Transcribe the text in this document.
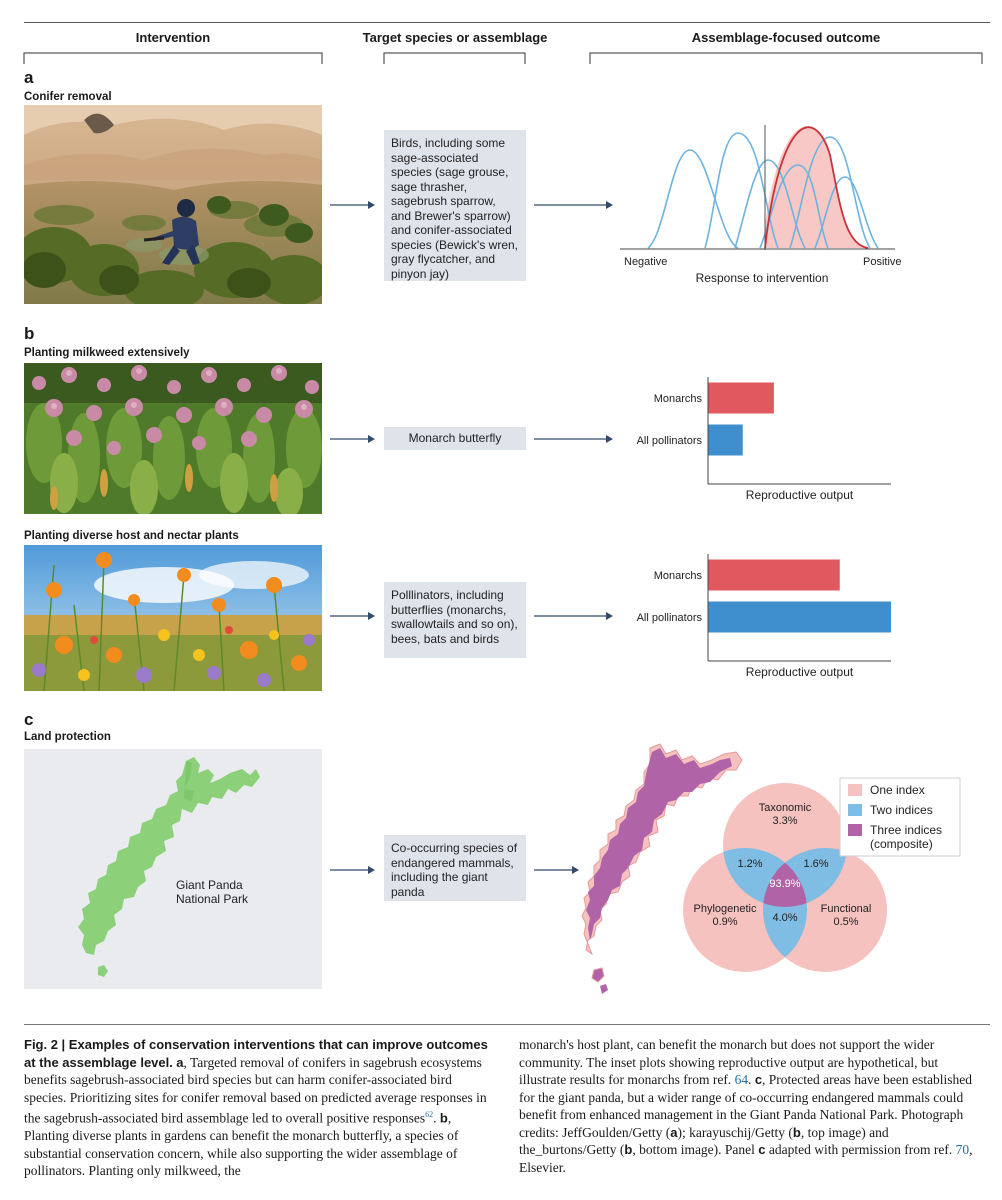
Intervention	Target species or assemblage	Assemblage-focused outcome
a
Conifer removal
Birds, including some sage-associated species (sage grouse, sage thrasher, sagebrush sparrow, and Brewer's sparrow) and conifer-associated species (Bewick's wren, gray flycatcher, and pinyon jay)
Negative	Positive
Response to intervention
b
Planting milkweed extensively
Monarch butterfly
Monarchs
All pollinators
Reproductive output
Planting diverse host and nectar plants
Polllinators, including butterflies (monarchs, swallowtails and so on), bees, bats and birds
Monarchs
All pollinators
Reproductive output
c
Land protection
Giant Panda
National Park
Co-occurring species of endangered mammals, including the giant panda
Taxonomic
3.3%
Phylogenetic
0.9%
Functional
0.5%
1.2%	1.6%
4.0%
93.9%
One index
Two indices
Three indices
(composite)
Fig. 2 | Examples of conservation interventions that can improve outcomes at the assemblage level. a, Targeted removal of conifers in sagebrush ecosystems benefits sagebrush-associated bird species but can harm conifer-associated bird species. Prioritizing sites for conifer removal based on predicted average responses in the sagebrush-associated bird assemblage led to overall positive responses$^{62}$. b, Planting diverse plants in gardens can benefit the monarch butterfly, a species of substantial conservation concern, while also supporting the wider assemblage of pollinators. Planting only milkweed, the
monarch's host plant, can benefit the monarch but does not support the wider community. The inset plots showing reproductive output are hypothetical, but illustrate results for monarchs from ref. 64. c, Protected areas have been established for the giant panda, but a wider range of co-occurring endangered mammals could benefit from enhanced management in the Giant Panda National Park. Photograph credits: JeffGoulden/Getty (a); karayuschij/Getty (b, top image) and the_burtons/Getty (b, bottom image). Panel c adapted with permission from ref. 70, Elsevier.
